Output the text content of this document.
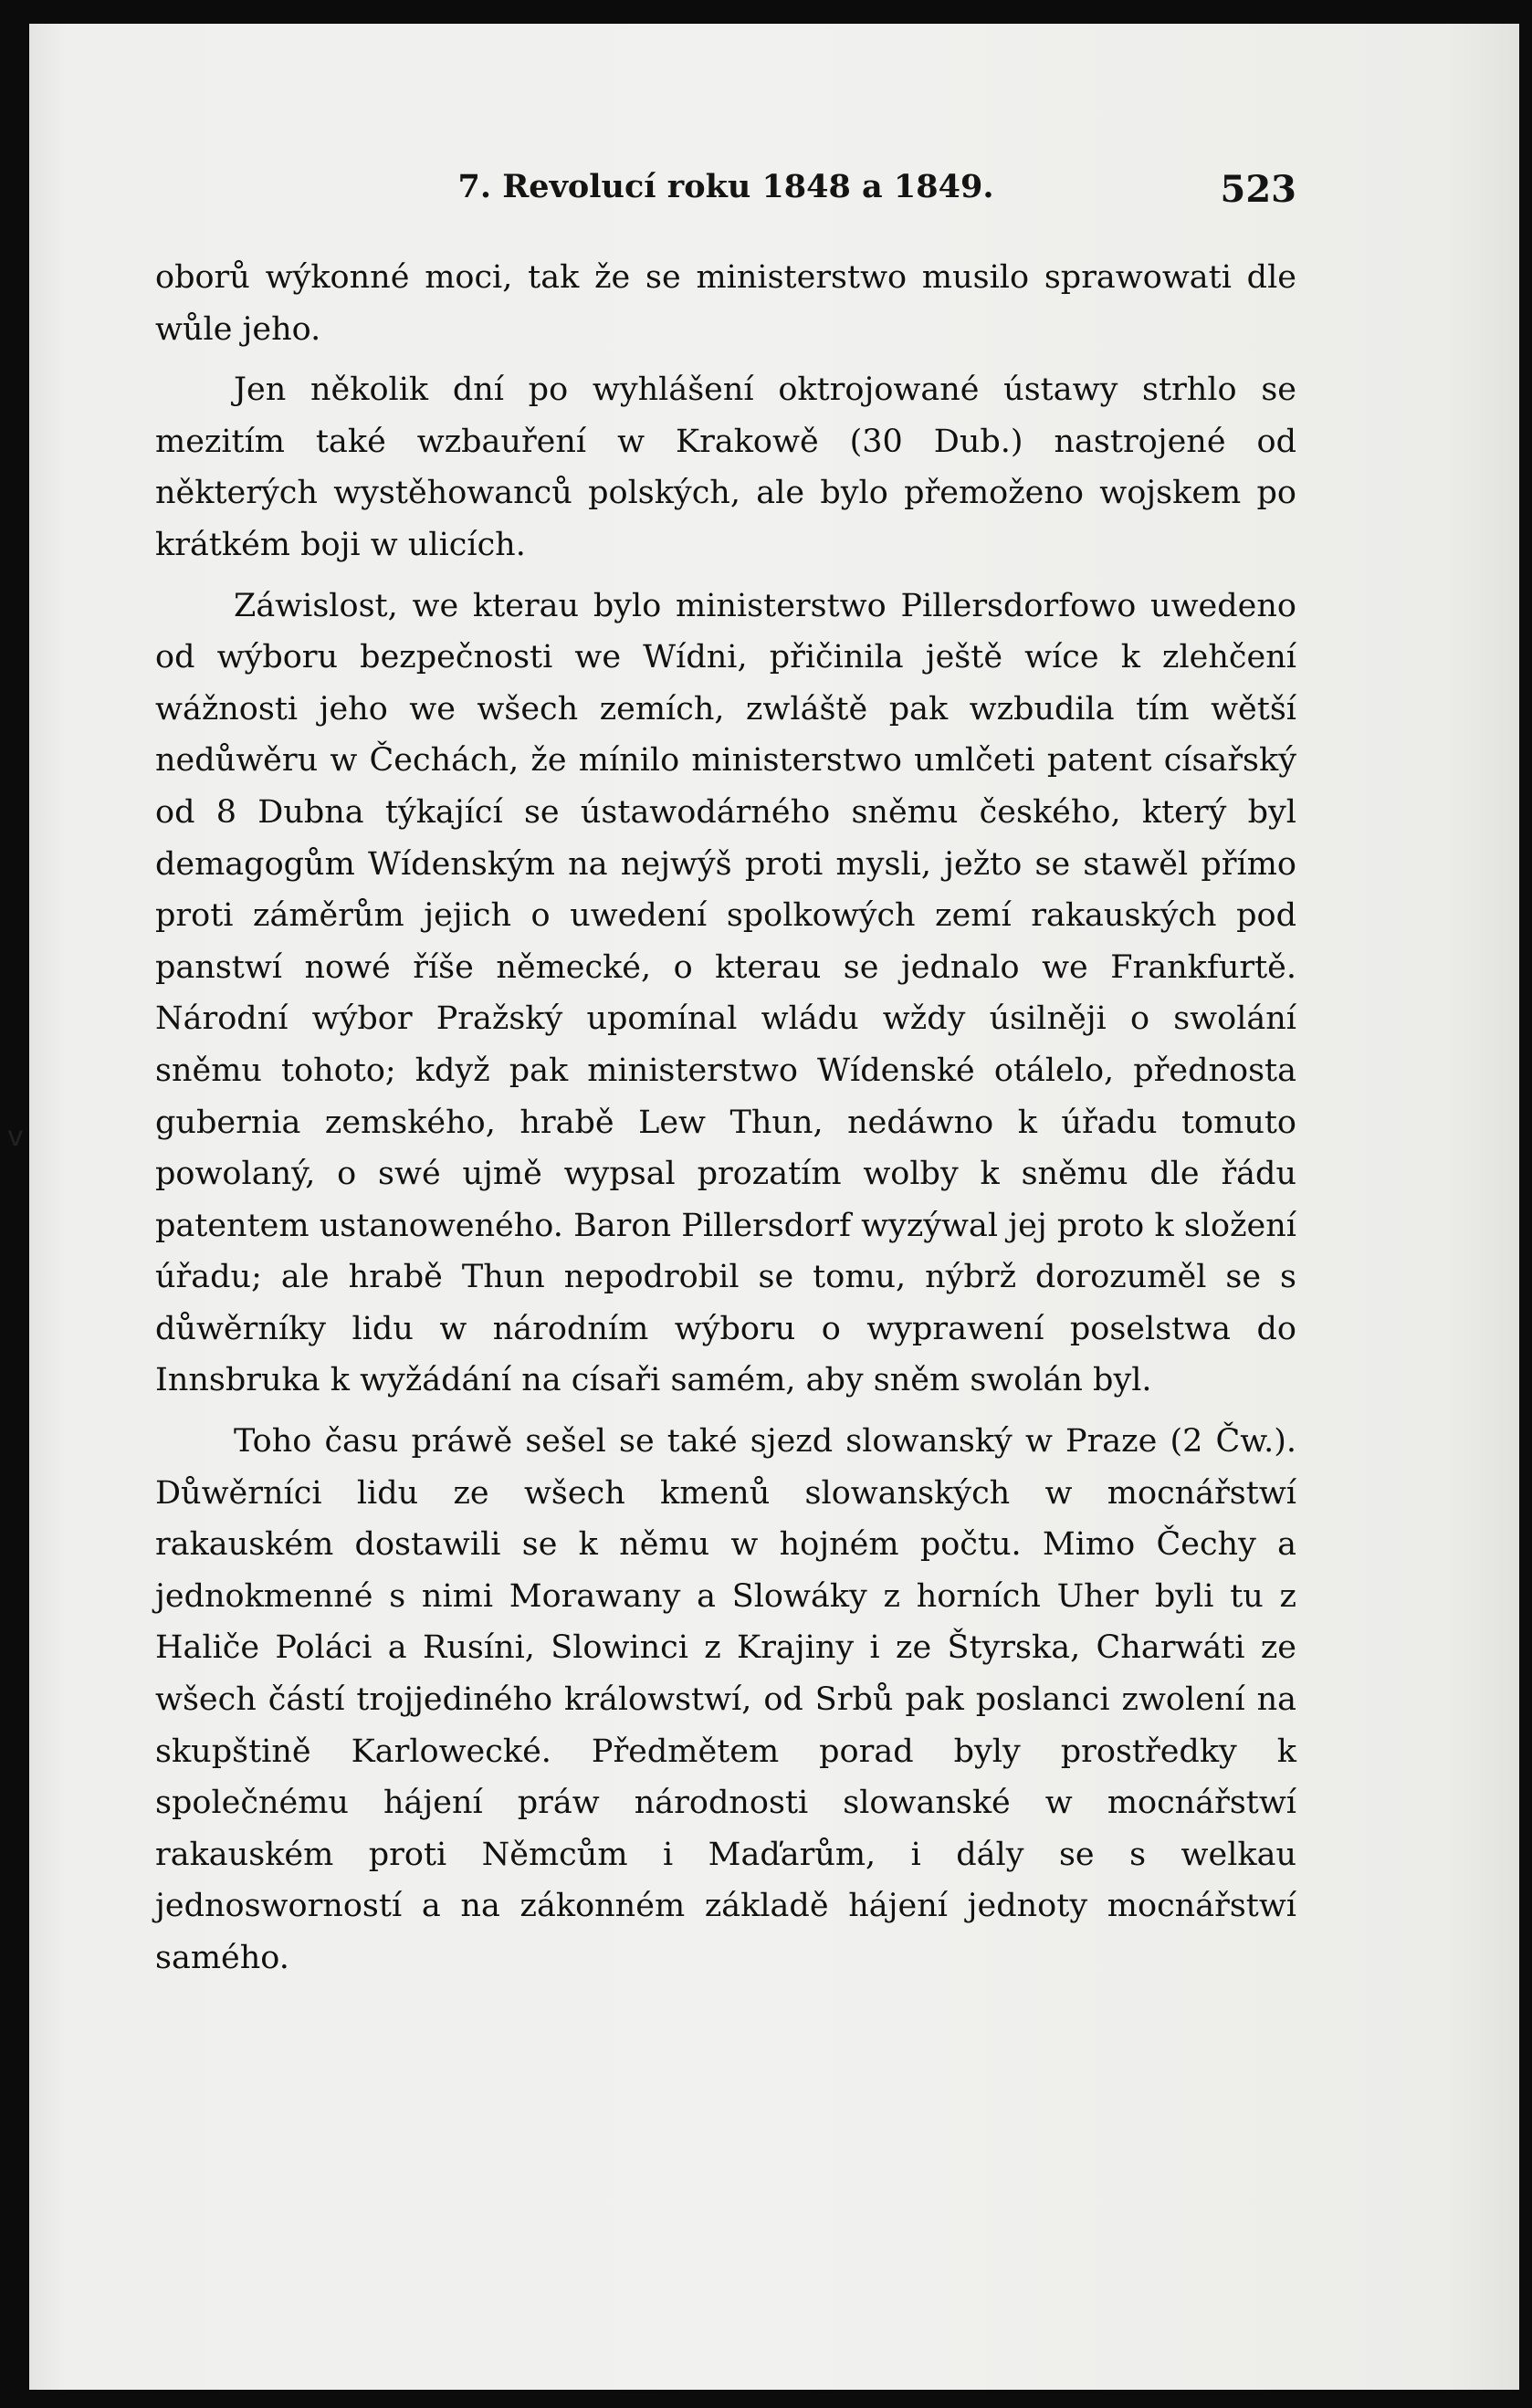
7. Revolucí roku 1848 a 1849.	523

oborů wýkonné moci, tak že se ministerstwo musilo sprawowati dle wůle jeho.

Jen několik dní po wyhlášení oktrojowané ústawy strhlo se mezitím také wzbauření w Krakowě (30 Dub.) nastrojené od některých wystěhowanců polských, ale bylo přemoženo wojskem po krátkém boji w ulicích.

Záwislost, we kterau bylo ministerstwo Pillersdorfowo uwedeno od wýboru bezpečnosti we Wídni, přičinila ještě wíce k zlehčení wážnosti jeho we wšech zemích, zwláště pak wzbudila tím wětší nedůwěru w Čechách, že mínilo ministerstwo umlčeti patent císařský od 8 Dubna týkající se ústawodárného sněmu českého, který byl demagogům Wídenským na nejwýš proti mysli, ježto se stawěl přímo proti záměrům jejich o uwedení spolkowých zemí rakauských pod panstwí nowé říše německé, o kterau se jednalo we Frankfurtě. Národní wýbor Pražský upomínal wládu wždy úsilněji o swolání sněmu tohoto; když pak ministerstwo Wídenské otálelo, přednosta gubernia zemského, hrabě Lew Thun, nedáwno k úřadu tomuto powolaný, o swé ujmě wypsal prozatím wolby k sněmu dle řádu patentem ustanoweného. Baron Pillersdorf wyzýwal jej proto k složení úřadu; ale hrabě Thun nepodrobil se tomu, nýbrž dorozuměl se s důwěrníky lidu w národním wýboru o wyprawení poselstwa do Innsbruka k wyžádání na císaři samém, aby sněm swolán byl.

Toho času práwě sešel se také sjezd slowanský w Praze (2 Čw.). Důwěrníci lidu ze wšech kmenů slowanských w mocnářstwí rakauském dostawili se k němu w hojném počtu. Mimo Čechy a jednokmenné s nimi Morawany a Slowáky z horních Uher byli tu z Haliče Poláci a Rusíni, Slowinci z Krajiny i ze Štyrska, Charwáti ze wšech částí trojjediného králowstwí, od Srbů pak poslanci zwolení na skupštině Karlowecké. Předmětem porad byly prostředky k společnému hájení práw národnosti slowanské w mocnářstwí rakauském proti Němcům i Maďarům, i dály se s welkau jednosworností a na zákonném základě hájení jednoty mocnářstwí samého.

ⅴ
